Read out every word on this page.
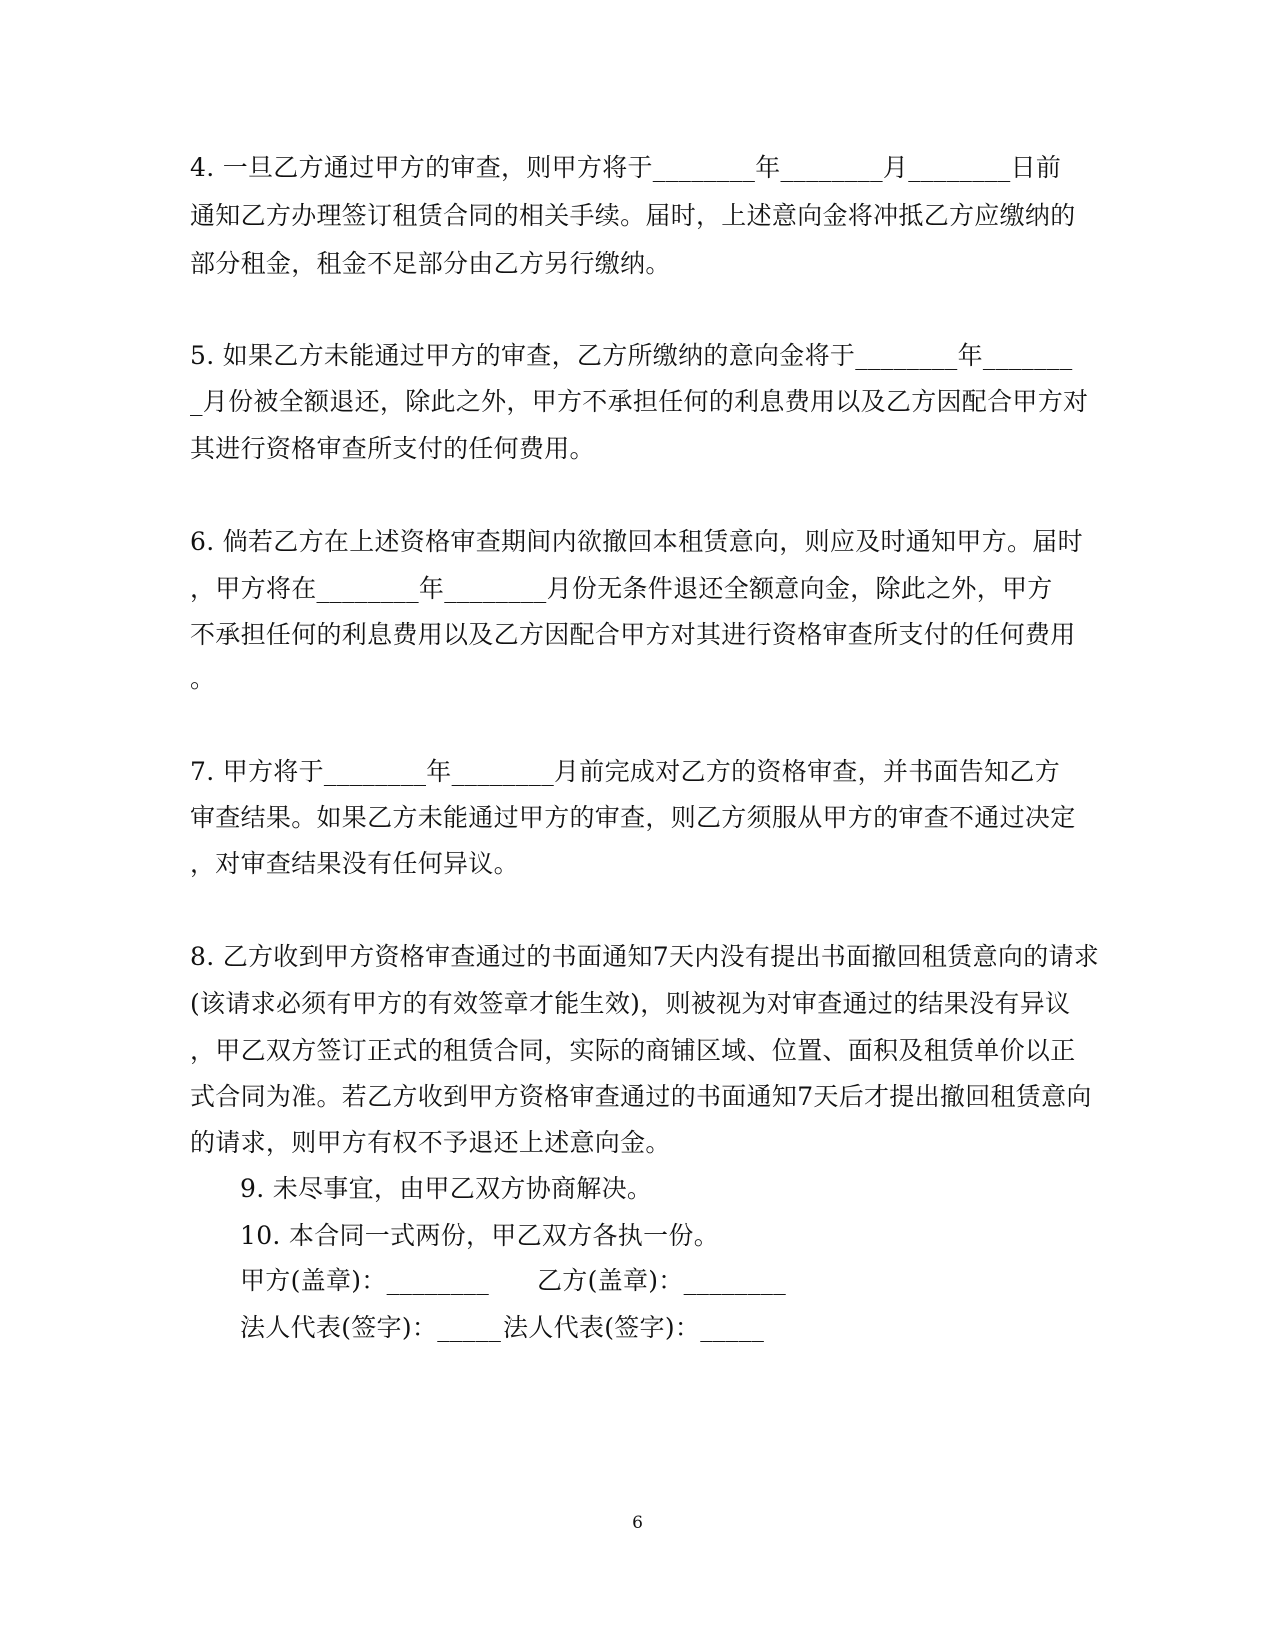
4. 一旦乙方通过甲方的审查，则甲方将于________年________月________日前
通知乙方办理签订租赁合同的相关手续。届时，上述意向金将冲抵乙方应缴纳的
部分租金，租金不足部分由乙方另行缴纳。
5. 如果乙方未能通过甲方的审查，乙方所缴纳的意向金将于________年_______
_月份被全额退还，除此之外，甲方不承担任何的利息费用以及乙方因配合甲方对
其进行资格审查所支付的任何费用。
6. 倘若乙方在上述资格审查期间内欲撤回本租赁意向，则应及时通知甲方。届时
，甲方将在________年________月份无条件退还全额意向金，除此之外，甲方
不承担任何的利息费用以及乙方因配合甲方对其进行资格审查所支付的任何费用
。
7. 甲方将于________年________月前完成对乙方的资格审查，并书面告知乙方
审查结果。如果乙方未能通过甲方的审查，则乙方须服从甲方的审查不通过决定
，对审查结果没有任何异议。
8. 乙方收到甲方资格审查通过的书面通知7天内没有提出书面撤回租赁意向的请求
(该请求必须有甲方的有效签章才能生效)，则被视为对审查通过的结果没有异议
，甲乙双方签订正式的租赁合同，实际的商铺区域、位置、面积及租赁单价以正
式合同为准。若乙方收到甲方资格审查通过的书面通知7天后才提出撤回租赁意向
的请求，则甲方有权不予退还上述意向金。
9. 未尽事宜，由甲乙双方协商解决。
10. 本合同一式两份，甲乙双方各执一份。
甲方(盖章)：________ 乙方(盖章)：________
法人代表(签字)：_____ 法人代表(签字)：_____
6
